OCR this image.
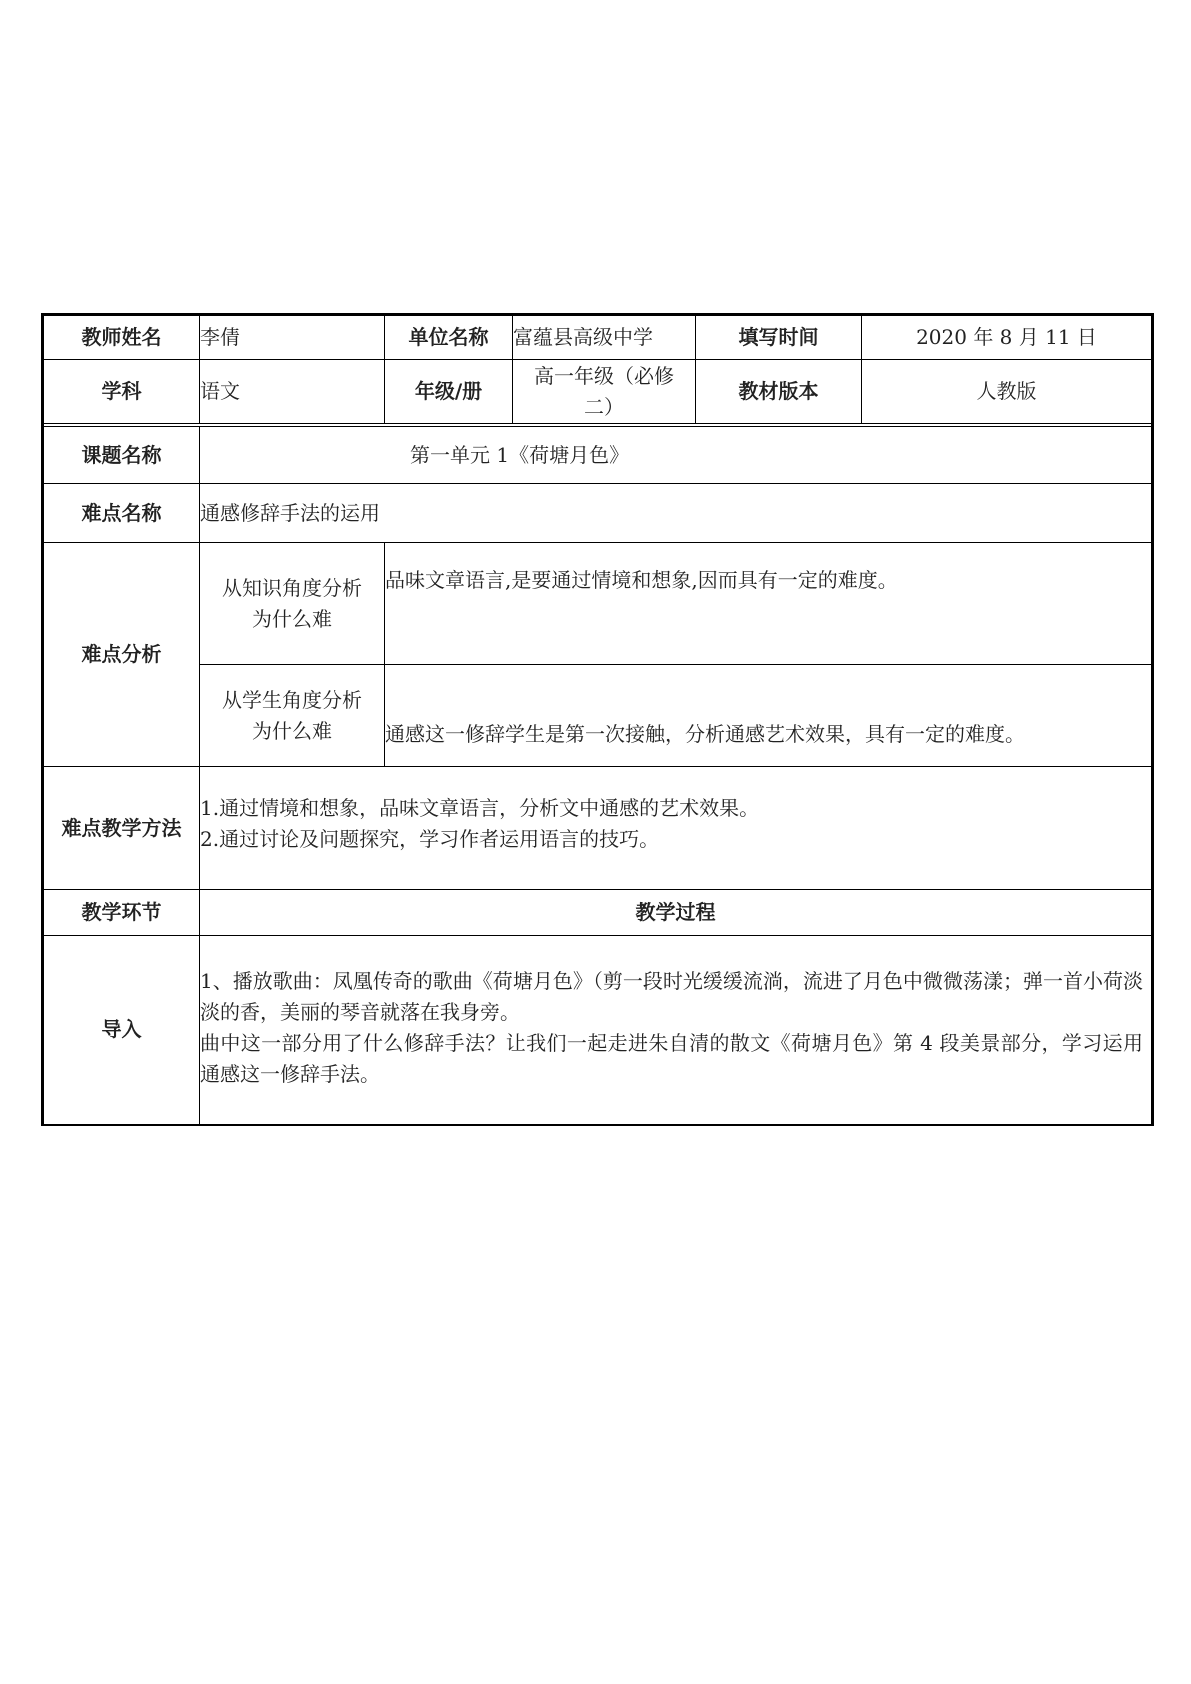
教师姓名	李倩	单位名称	富蕴县高级中学	填写时间	2020 年 8 月 11 日
学科	语文	年级/册	高一年级（必修二）	教材版本	人教版

课题名称	第一单元 1《荷塘月色》				
难点名称	通感修辞手法的运用				
难点分析	从知识角度分析为什么难	品味文章语言,是要通过情境和想象,因而具有一定的难度。			
	从学生角度分析为什么难	通感这一修辞学生是第一次接触，分析通感艺术效果，具有一定的难度。			
难点教学方法	1.通过情境和想象，品味文章语言，分析文中通感的艺术效果。
2.通过讨论及问题探究，学习作者运用语言的技巧。				

教学环节	教学过程				
导入	1、播放歌曲：凤凰传奇的歌曲《荷塘月色》（剪一段时光缓缓流淌，流进了月色中微微荡漾；弹一首小荷淡淡的香，美丽的琴音就落在我身旁。
曲中这一部分用了什么修辞手法？让我们一起走进朱自清的散文《荷塘月色》第 4 段美景部分，学习运用通感这一修辞手法。				
